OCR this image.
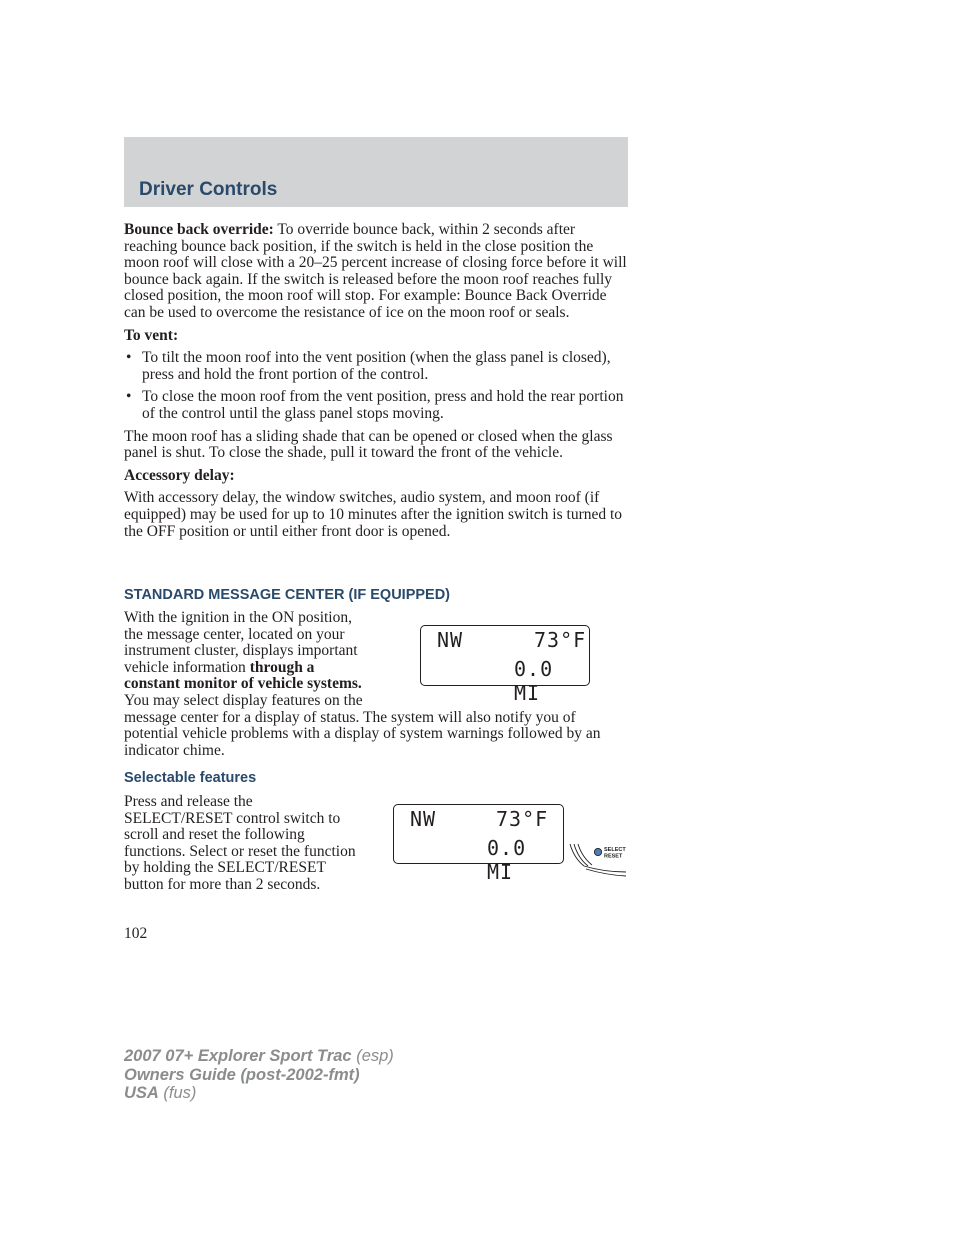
Driver Controls

Bounce back override: To override bounce back, within 2 seconds after reaching bounce back position, if the switch is held in the close position the moon roof will close with a 20–25 percent increase of closing force before it will bounce back again. If the switch is released before the moon roof reaches fully closed position, the moon roof will stop. For example: Bounce Back Override can be used to overcome the resistance of ice on the moon roof or seals.

To vent:

• To tilt the moon roof into the vent position (when the glass panel is closed), press and hold the front portion of the control.

• To close the moon roof from the vent position, press and hold the rear portion of the control until the glass panel stops moving.

The moon roof has a sliding shade that can be opened or closed when the glass panel is shut. To close the shade, pull it toward the front of the vehicle.

Accessory delay:

With accessory delay, the window switches, audio system, and moon roof (if equipped) may be used for up to 10 minutes after the ignition switch is turned to the OFF position or until either front door is opened.

STANDARD MESSAGE CENTER (IF EQUIPPED)

With the ignition in the ON position, the message center, located on your instrument cluster, displays important vehicle information through a constant monitor of vehicle systems. You may select display features on the message center for a display of status. The system will also notify you of potential vehicle problems with a display of system warnings followed by an indicator chime.

NW	73°F
0.0 MI
Selectable features

Press and release the SELECT/RESET control switch to scroll and reset the following functions. Select or reset the function by holding the SELECT/RESET button for more than 2 seconds.

NW	73°F
0.0 MI
SELECT
RESET
102
2007 07+ Explorer Sport Trac (esp)
Owners Guide (post-2002-fmt)
USA (fus)
